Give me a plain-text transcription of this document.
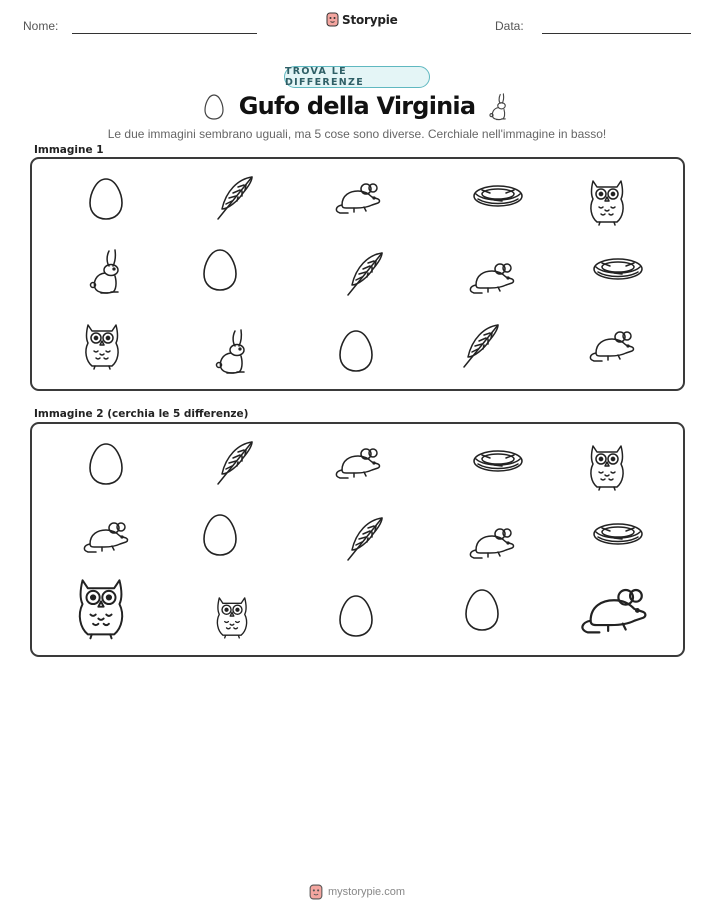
Nome:	Storypie	Data:
TROVA LE DIFFERENZE
Gufo della Virginia
Le due immagini sembrano uguali, ma 5 cose sono diverse. Cerchiale nell'immagine in basso!
Immagine 1
Immagine 2 (cerchia le 5 differenze)
mystorypie.com
